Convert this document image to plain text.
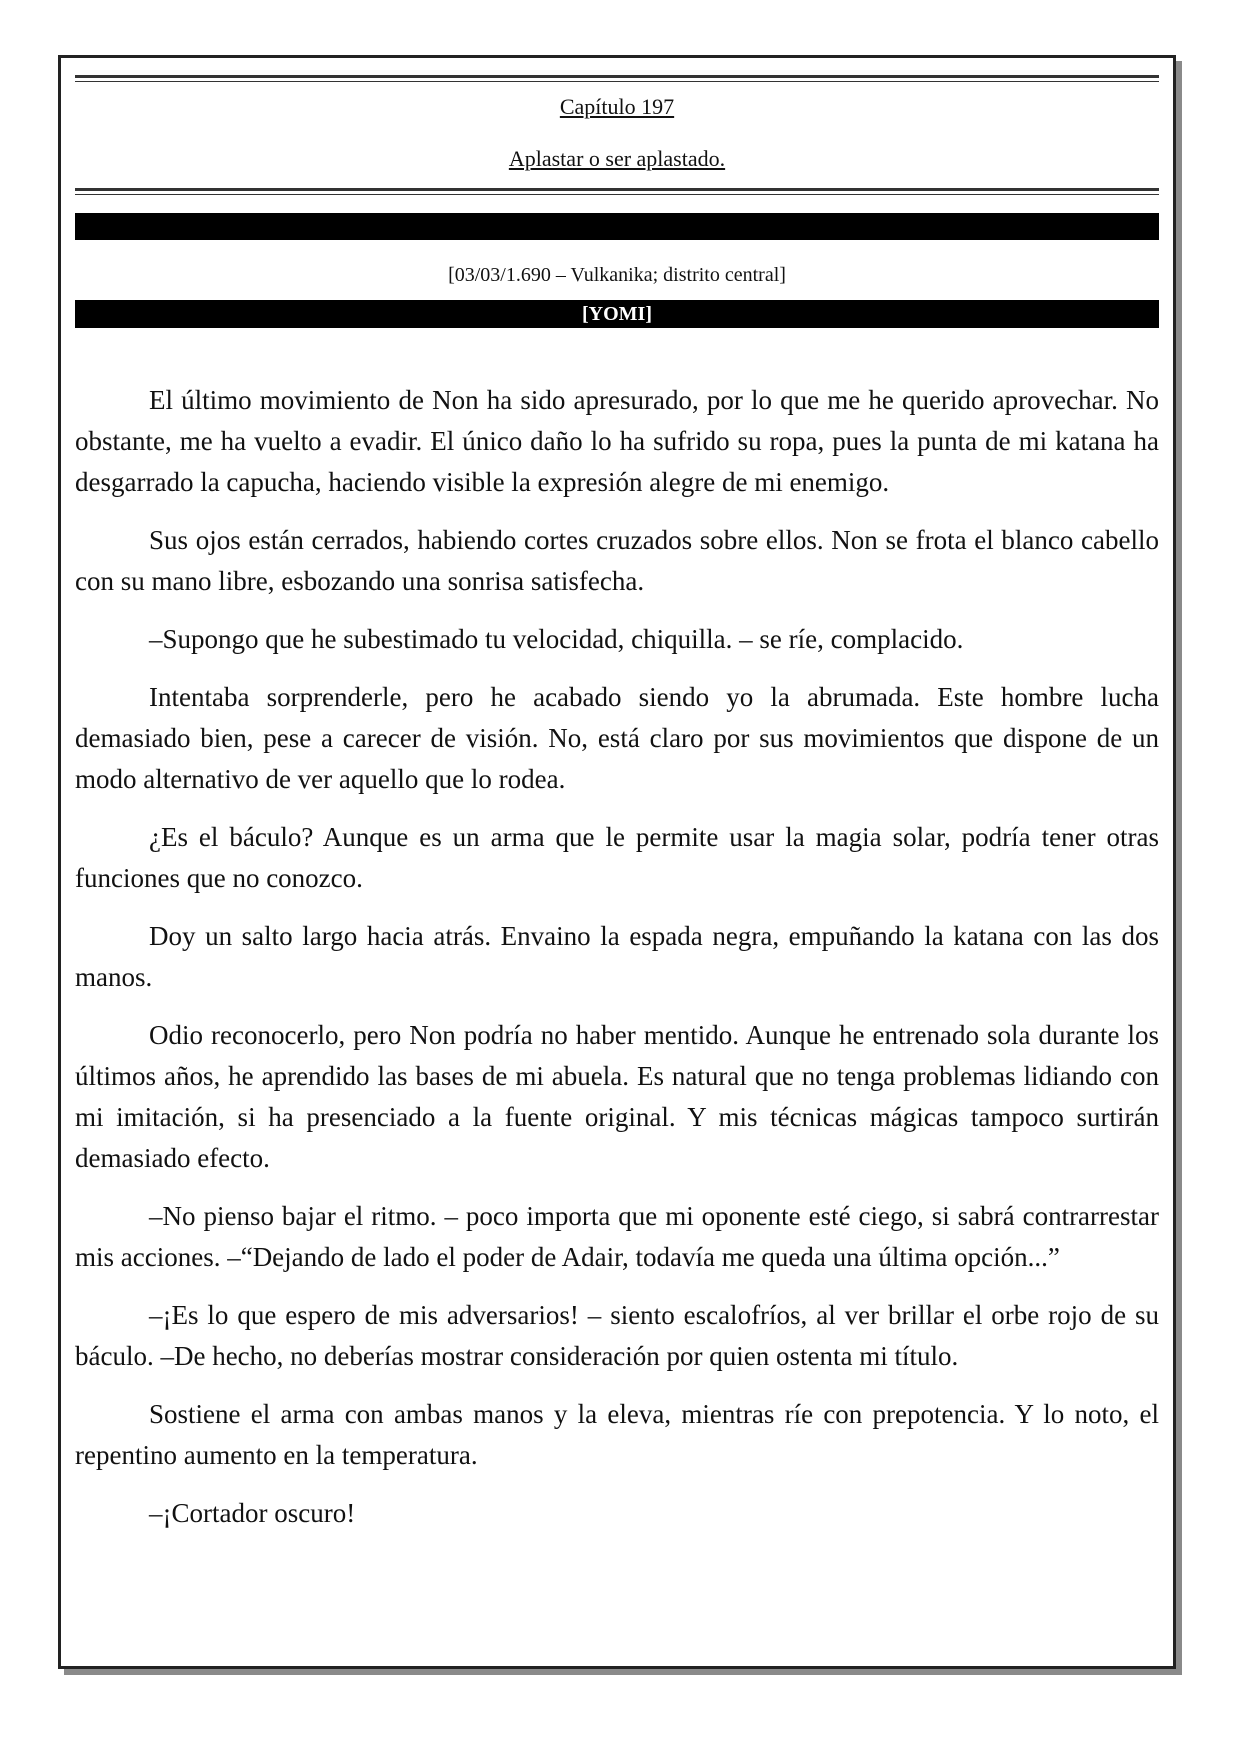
Capítulo 197
Aplastar o ser aplastado.
[03/03/1.690 – Vulkanika; distrito central]
[YOMI]

El último movimiento de Non ha sido apresurado, por lo que me he querido aprovechar. No obstante, me ha vuelto a evadir. El único daño lo ha sufrido su ropa, pues la punta de mi katana ha desgarrado la capucha, haciendo visible la expresión alegre de mi enemigo.

Sus ojos están cerrados, habiendo cortes cruzados sobre ellos. Non se frota el blanco cabello con su mano libre, esbozando una sonrisa satisfecha.

–Supongo que he subestimado tu velocidad, chiquilla. – se ríe, complacido.

Intentaba sorprenderle, pero he acabado siendo yo la abrumada. Este hombre lucha demasiado bien, pese a carecer de visión. No, está claro por sus movimientos que dispone de un modo alternativo de ver aquello que lo rodea.

¿Es el báculo? Aunque es un arma que le permite usar la magia solar, podría tener otras funciones que no conozco.

Doy un salto largo hacia atrás. Envaino la espada negra, empuñando la katana con las dos manos.

Odio reconocerlo, pero Non podría no haber mentido. Aunque he entrenado sola durante los últimos años, he aprendido las bases de mi abuela. Es natural que no tenga problemas lidiando con mi imitación, si ha presenciado a la fuente original. Y mis técnicas mágicas tampoco surtirán demasiado efecto.

–No pienso bajar el ritmo. – poco importa que mi oponente esté ciego, si sabrá contrarrestar mis acciones. –“Dejando de lado el poder de Adair, todavía me queda una última opción...”

–¡Es lo que espero de mis adversarios! – siento escalofríos, al ver brillar el orbe rojo de su báculo. –De hecho, no deberías mostrar consideración por quien ostenta mi título.

Sostiene el arma con ambas manos y la eleva, mientras ríe con prepotencia. Y lo noto, el repentino aumento en la temperatura.

–¡Cortador oscuro!
